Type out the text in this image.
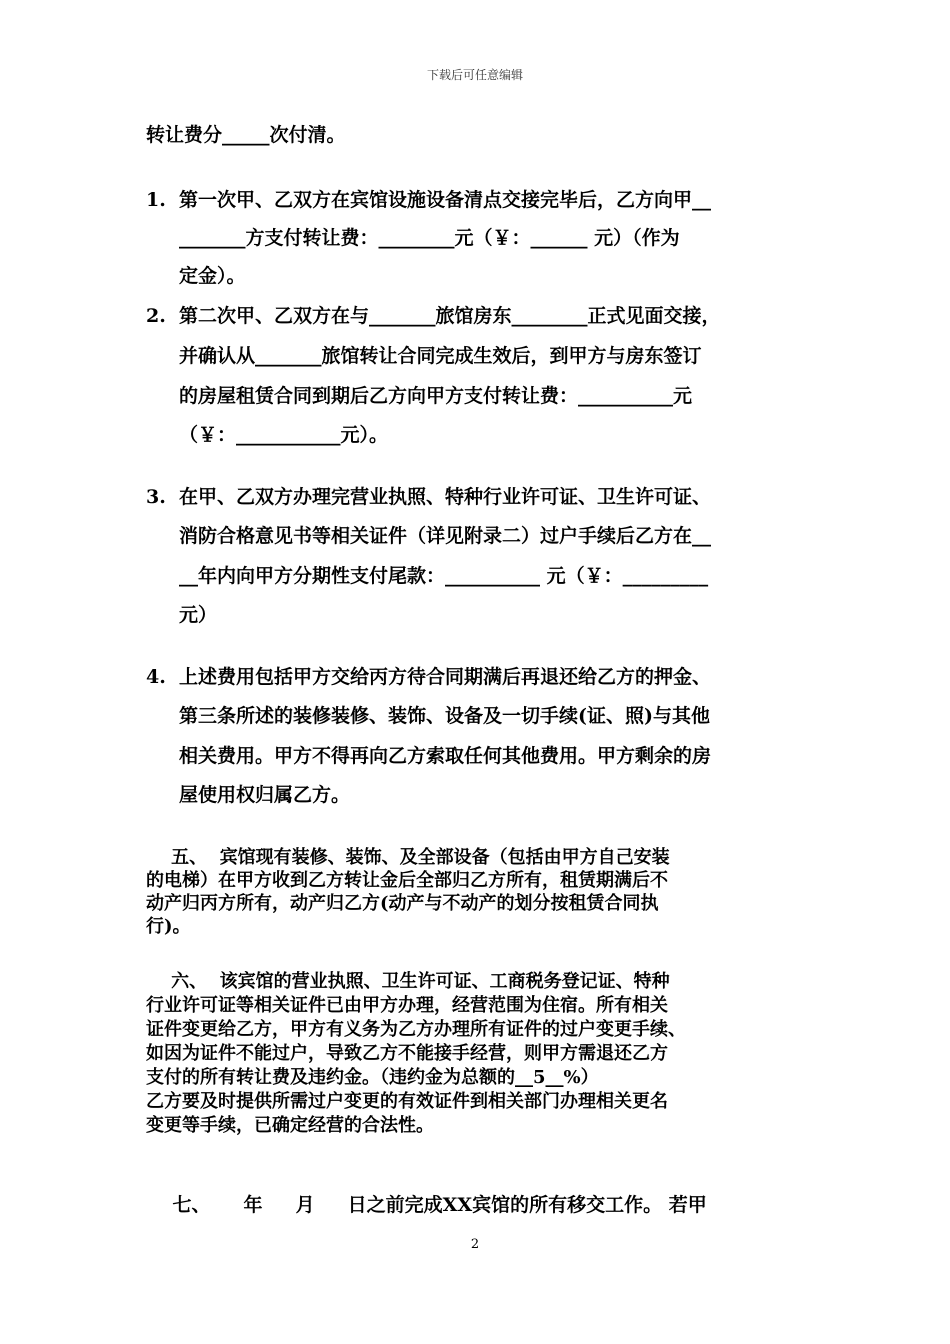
下载后可任意编辑
转让费分_____次付清。
1. 第一次甲、乙双方在宾馆设施设备清点交接完毕后，乙方向甲__
_______方支付转让费：________元（￥：______ 元）（作为
定金）。
2. 第二次甲、乙双方在与_______旅馆房东________正式见面交接，
并确认从_______旅馆转让合同完成生效后，到甲方与房东签订
的房屋租赁合同到期后乙方向甲方支付转让费：__________元
（￥：___________元）。
3. 在甲、乙双方办理完营业执照、特种行业许可证、卫生许可证、
消防合格意见书等相关证件（详见附录二）过户手续后乙方在__
__年内向甲方分期性支付尾款：__________ 元（￥：_________
元）
4. 上述费用包括甲方交给丙方待合同期满后再退还给乙方的押金、
第三条所述的装修装修、装饰、设备及一切手续(证、照)与其他
相关费用。甲方不得再向乙方索取任何其他费用。甲方剩余的房
屋使用权归属乙方。
五、  宾馆现有装修、装饰、及全部设备（包括由甲方自己安装
的电梯）在甲方收到乙方转让金后全部归乙方所有，租赁期满后不
动产归丙方所有，动产归乙方(动产与不动产的划分按租赁合同执
行)。
六、  该宾馆的营业执照、卫生许可证、工商税务登记证、特种
行业许可证等相关证件已由甲方办理，经营范围为住宿。所有相关
证件变更给乙方，甲方有义务为乙方办理所有证件的过户变更手续、
如因为证件不能过户，导致乙方不能接手经营，则甲方需退还乙方
支付的所有转让费及违约金。（违约金为总额的__5__%）
乙方要及时提供所需过户变更的有效证件到相关部门办理相关更名
变更等手续，已确定经营的合法性。
七、     年     月     日之前完成XX宾馆的所有移交工作。 若甲
2
